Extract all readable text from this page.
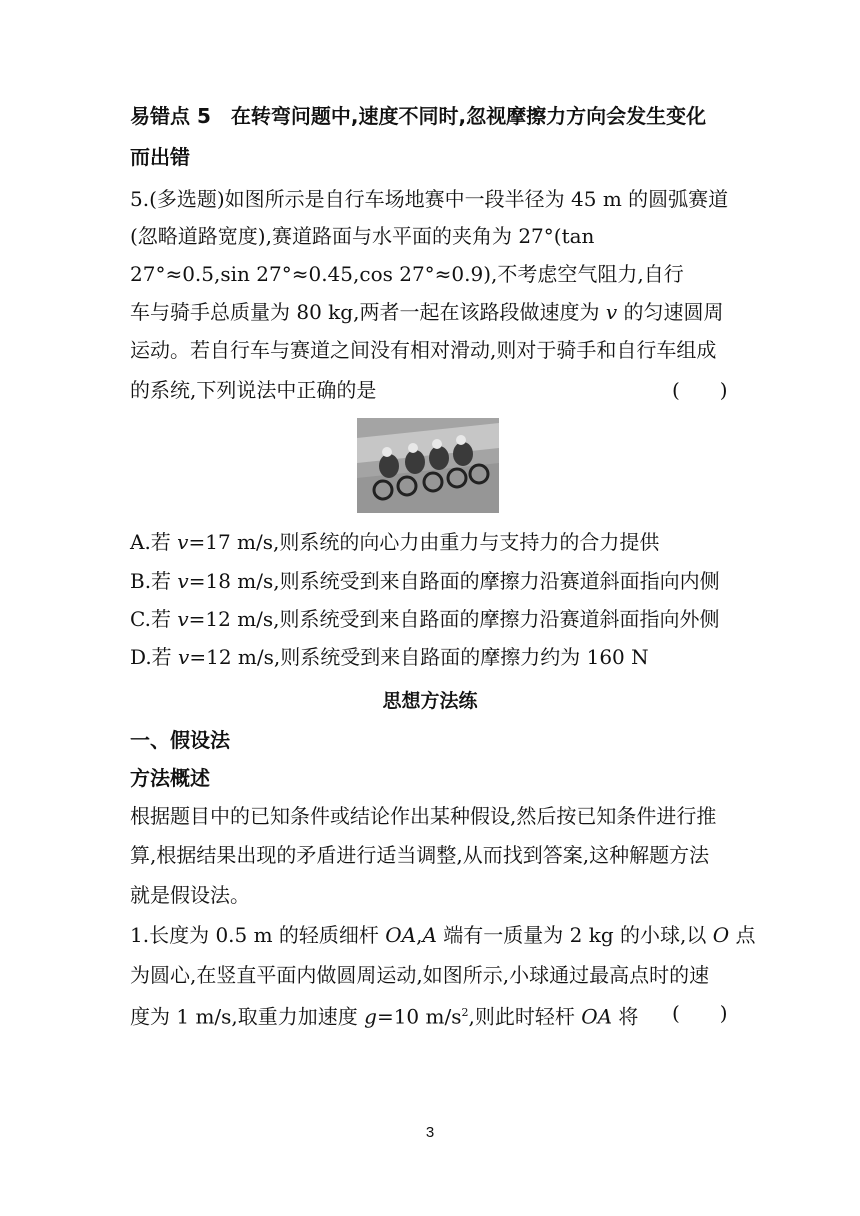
易错点 5　在转弯问题中,速度不同时,忽视摩擦力方向会发生变化
而出错
5.(多选题)如图所示是自行车场地赛中一段半径为 45 m 的圆弧赛道
(忽略道路宽度),赛道路面与水平面的夹角为 27°(tan
27°≈0.5,sin 27°≈0.45,cos 27°≈0.9),不考虑空气阻力,自行
车与骑手总质量为 80 kg,两者一起在该路段做速度为 v 的匀速圆周
运动。若自行车与赛道之间没有相对滑动,则对于骑手和自行车组成
的系统,下列说法中正确的是	(　　)
A.若 v=17 m/s,则系统的向心力由重力与支持力的合力提供
B.若 v=18 m/s,则系统受到来自路面的摩擦力沿赛道斜面指向内侧
C.若 v=12 m/s,则系统受到来自路面的摩擦力沿赛道斜面指向外侧
D.若 v=12 m/s,则系统受到来自路面的摩擦力约为 160 N
思想方法练
一、假设法
方法概述
根据题目中的已知条件或结论作出某种假设,然后按已知条件进行推
算,根据结果出现的矛盾进行适当调整,从而找到答案,这种解题方法
就是假设法。
1.长度为 0.5 m 的轻质细杆 OA,A 端有一质量为 2 kg 的小球,以 O 点
为圆心,在竖直平面内做圆周运动,如图所示,小球通过最高点时的速
度为 1 m/s,取重力加速度 g=10 $m/s^2$,则此时轻杆 OA 将 (　　)
3
